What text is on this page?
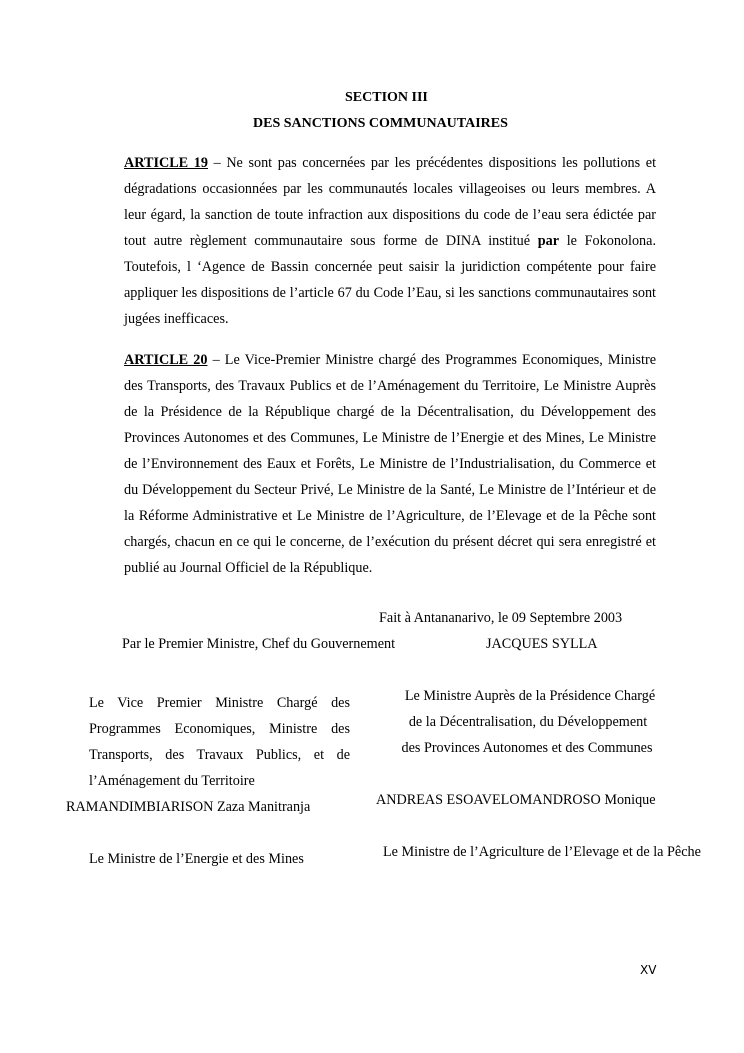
SECTION III
DES SANCTIONS COMMUNAUTAIRES
ARTICLE 19 – Ne sont pas concernées par les précédentes dispositions les pollutions et dégradations occasionnées par les communautés locales villageoises ou leurs membres. A leur égard, la sanction de toute infraction aux dispositions du code de l’eau sera édictée par tout autre règlement communautaire sous forme de DINA institué par le Fokonolona. Toutefois, l ‘Agence de Bassin concernée peut saisir la juridiction compétente pour faire appliquer les dispositions de l’article 67 du Code l’Eau, si les sanctions communautaires sont jugées inefficaces.
ARTICLE 20 – Le Vice-Premier Ministre chargé des Programmes Economiques, Ministre des Transports, des Travaux Publics et de l’Aménagement du Territoire, Le Ministre Auprès de la Présidence de la République chargé de la Décentralisation, du Développement des Provinces Autonomes et des Communes, Le Ministre de l’Energie et des Mines, Le Ministre de l’Environnement des Eaux et Forêts, Le Ministre de l’Industrialisation, du Commerce et du Développement du Secteur Privé, Le Ministre de la Santé, Le Ministre de l’Intérieur et de la Réforme Administrative et Le Ministre de l’Agriculture, de l’Elevage et de la Pêche sont chargés, chacun en ce qui le concerne, de l’exécution du présent décret qui sera enregistré et publié au Journal Officiel de la République.
Fait à Antananarivo, le 09 Septembre 2003
Par le Premier Ministre, Chef du Gouvernement	JACQUES SYLLA
Le Vice Premier Ministre Chargé des Programmes Economiques, Ministre des Transports, des Travaux Publics, et de l’Aménagement du Territoire
RAMANDIMBIARISON Zaza Manitranja
Le Ministre Auprès de la Présidence Chargé
de la Décentralisation, du Développement
des Provinces Autonomes et des Communes
ANDREAS ESOAVELOMANDROSO Monique
Le Ministre de l’Energie et des Mines	Le Ministre de l’Agriculture de l’Elevage et de la Pêche
XV
